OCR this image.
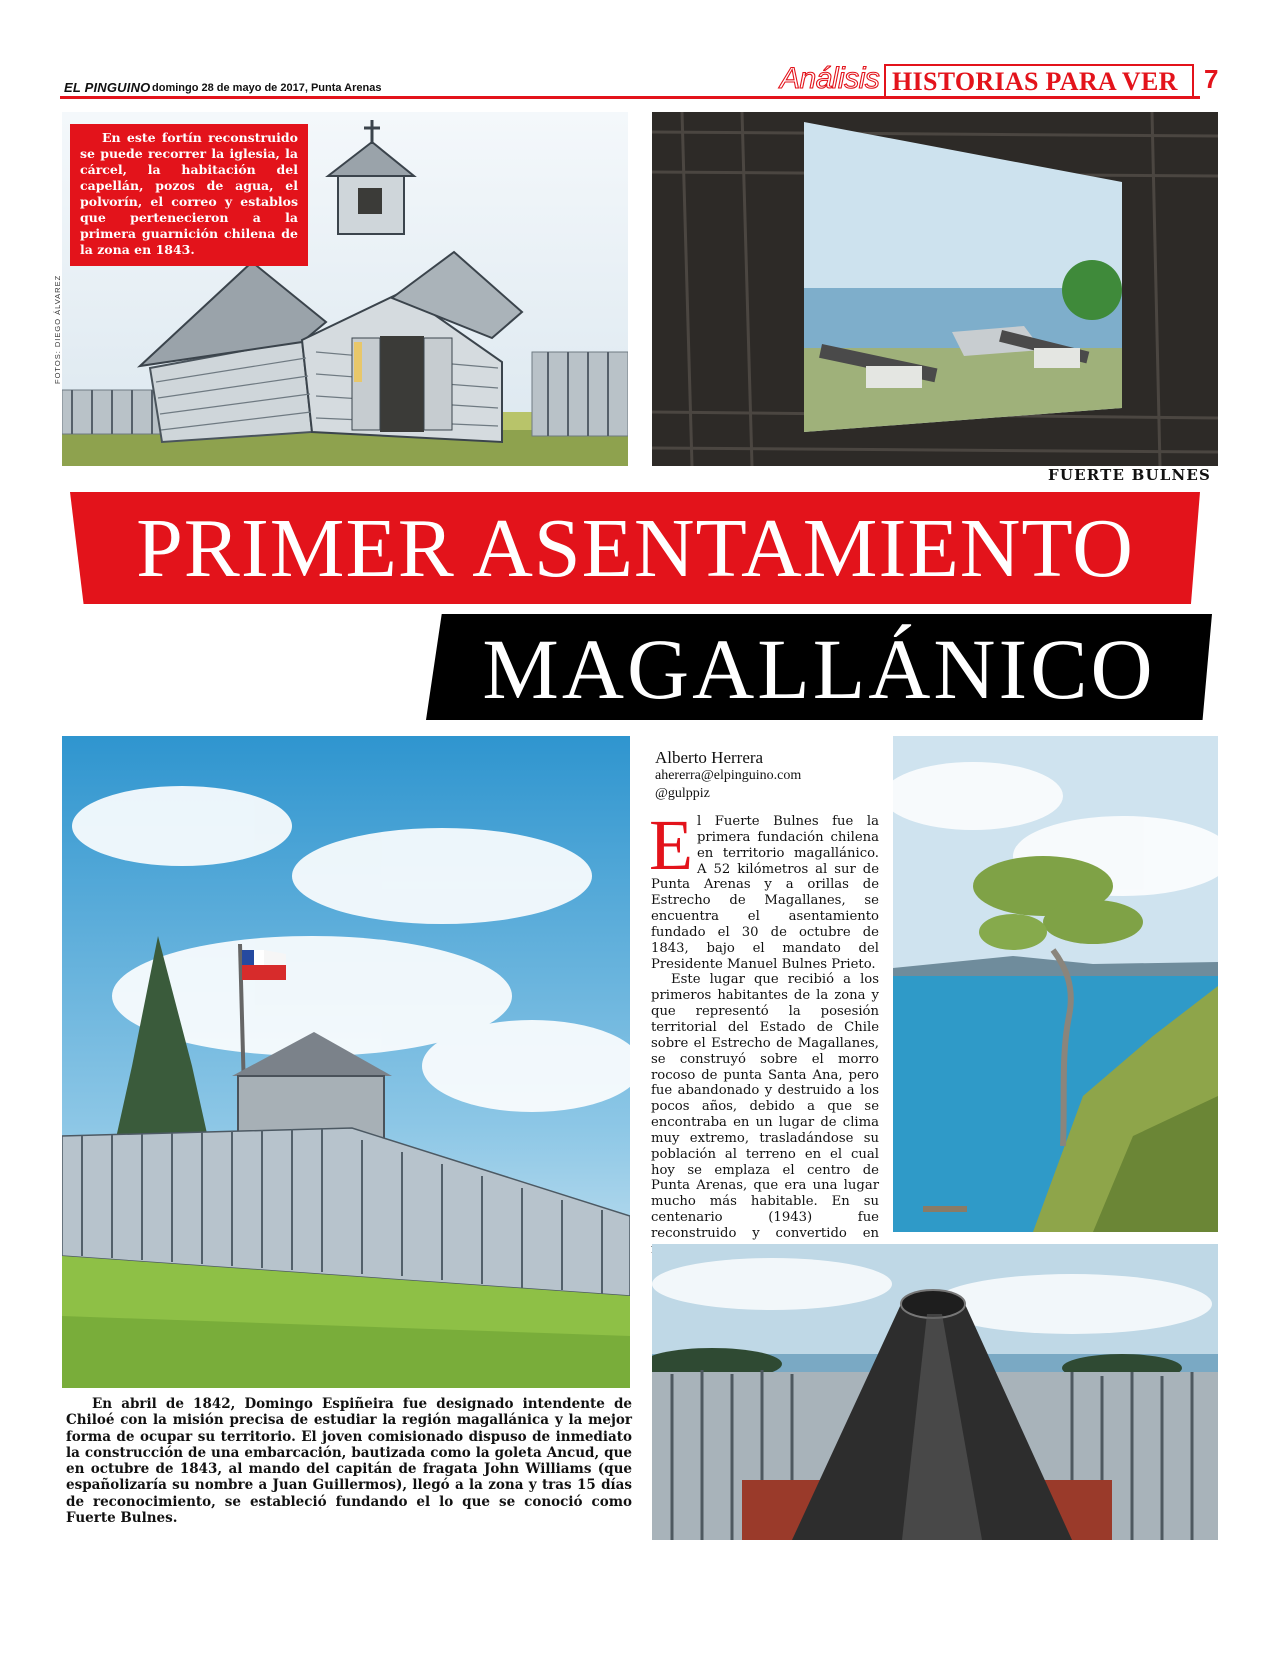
EL PINGUINO domingo 28 de mayo de 2017, Punta Arenas	Análisis HISTORIAS PARA VER	7
FOTOS: DIEGO ÁLVAREZ
En este fortín reconstruido se puede recorrer la iglesia, la cárcel, la habitación del capellán, pozos de agua, el polvorín, el correo y establos que pertenecieron a la primera guarnición chilena de la zona en 1843.
FUERTE BULNES
PRIMER ASENTAMIENTO
MAGALLÁNICO
Alberto Herrera
ahererra@elpinguino.com
@gulppiz

El Fuerte Bulnes fue la primera fundación chilena en territorio magallánico. A 52 kilómetros al sur de Punta Arenas y a orillas de Estrecho de Magallanes, se encuentra el asentamiento fundado el 30 de octubre de 1843, bajo el mandato del Presidente Manuel Bulnes Prieto.

Este lugar que recibió a los primeros habitantes de la zona y que representó la posesión territorial del Estado de Chile sobre el Estrecho de Magallanes, se construyó sobre el morro rocoso de punta Santa Ana, pero fue abandonado y destruido a los pocos años, debido a que se encontraba en un lugar de clima muy extremo, trasladándose su población al terreno en el cual hoy se emplaza el centro de Punta Arenas, que era una lugar mucho más habitable. En su centenario (1943) fue reconstruido y convertido en

En abril de 1842, Domingo Espiñeira fue designado intendente de Chiloé con la misión precisa de estudiar la región magallánica y la mejor forma de ocupar su territorio. El joven comisionado dispuso de inmediato la construcción de una embarcación, bautizada como la goleta Ancud, que en octubre de 1843, al mando del capitán de fragata John Williams (que españolizaría su nombre a Juan Guillermos), llegó a la zona y tras 15 días de reconocimiento, se estableció fundando el lo que se conoció como Fuerte Bulnes.
